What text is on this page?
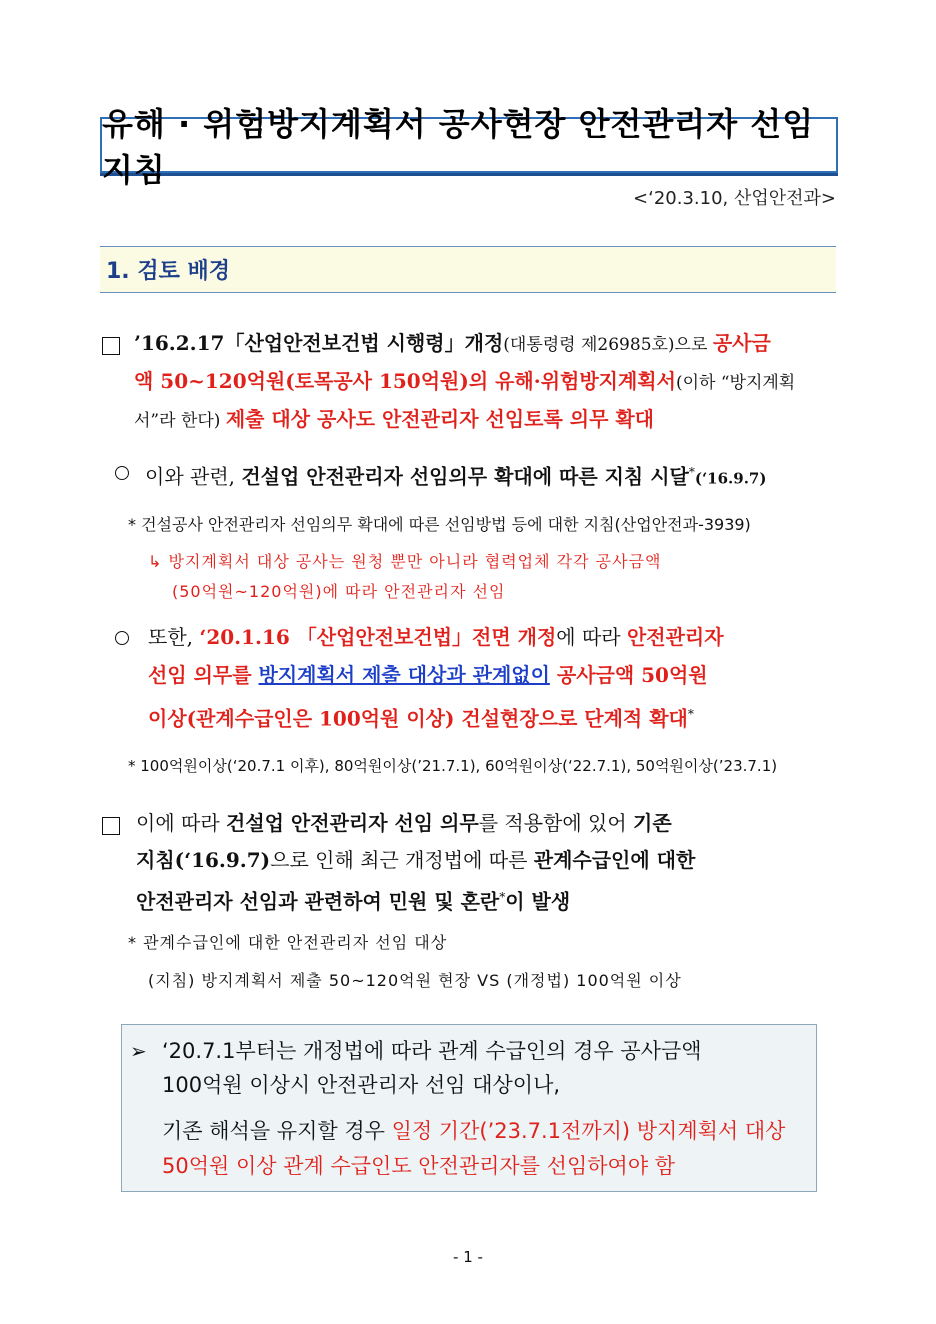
유해 · 위험방지계획서 공사현장 안전관리자 선임 지침
<‘20.3.10, 산업안전과>
1. 검토 배경
’16.2.17「산업안전보건법 시행령」개정(대통령령 제26985호)으로 공사금
액 50~120억원(토목공사 150억원)의 유해·위험방지계획서(이하 “방지계획
서”라 한다) 제출 대상 공사도 안전관리자 선임토록 의무 확대
이와 관련, 건설업 안전관리자 선임의무 확대에 따른 지침 시달*(‘16.9.7)
* 건설공사 안전관리자 선임의무 확대에 따른 선임방법 등에 대한 지침(산업안전과-3939)
↳ 방지계획서 대상 공사는 원청 뿐만 아니라 협력업체 각각 공사금액
(50억원~120억원)에 따라 안전관리자 선임
또한, ‘20.1.16 「산업안전보건법」전면 개정에 따라 안전관리자
선임 의무를 방지계획서 제출 대상과 관계없이 공사금액 50억원
이상(관계수급인은 100억원 이상) 건설현장으로 단계적 확대*
* 100억원이상(‘20.7.1 이후), 80억원이상(’21.7.1), 60억원이상(‘22.7.1), 50억원이상(’23.7.1)
이에 따라 건설업 안전관리자 선임 의무를 적용함에 있어 기존
지침(‘16.9.7)으로 인해 최근 개정법에 따른 관계수급인에 대한
안전관리자 선임과 관련하여 민원 및 혼란*이 발생
* 관계수급인에 대한 안전관리자 선임 대상
(지침) 방지계획서 제출 50~120억원 현장 VS (개정법) 100억원 이상
➢ ‘20.7.1부터는 개정법에 따라 관계 수급인의 경우 공사금액
100억원 이상시 안전관리자 선임 대상이나,
기존 해석을 유지할 경우 일정 기간(’23.7.1전까지) 방지계획서 대상
50억원 이상 관계 수급인도 안전관리자를 선임하여야 함
- 1 -
